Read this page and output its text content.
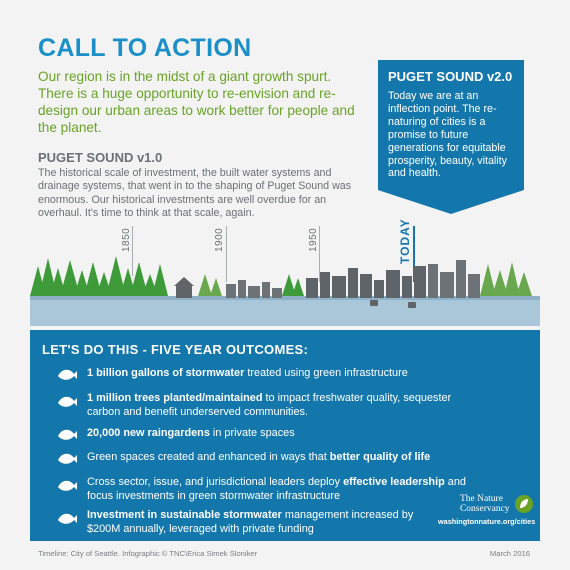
CALL TO ACTION
Our region is in the midst of a giant growth spurt. There is a huge opportunity to re-envision and re-design our urban areas to work better for people and the planet.
PUGET SOUND v1.0
The historical scale of investment, the built water systems and drainage systems, that went in to the shaping of Puget Sound was enormous. Our historical investments are well overdue for an overhaul. It's time to think at that scale, again.
PUGET SOUND v2.0
Today we are at an inflection point. The re-naturing of cities is a promise to future generations for equitable prosperity, beauty, vitality and health.
1850	1900	1950	TODAY
LET'S DO THIS - FIVE YEAR OUTCOMES:
1 billion gallons of stormwater treated using green infrastructure
1 million trees planted/maintained to impact freshwater quality, sequester carbon and benefit underserved communities.
20,000 new raingardens in private spaces
Green spaces created and enhanced in ways that better quality of life
Cross sector, issue, and jurisdictional leaders deploy effective leadership and focus investments in green stormwater infrastructure
Investment in sustainable stormwater management increased by $200M annually, leveraged with private funding
The Nature
Conservancy
washingtonnature.org/cities
Timeline: City of Seattle. Infographic © TNC\Erica Simek Sloniker	March 2016
